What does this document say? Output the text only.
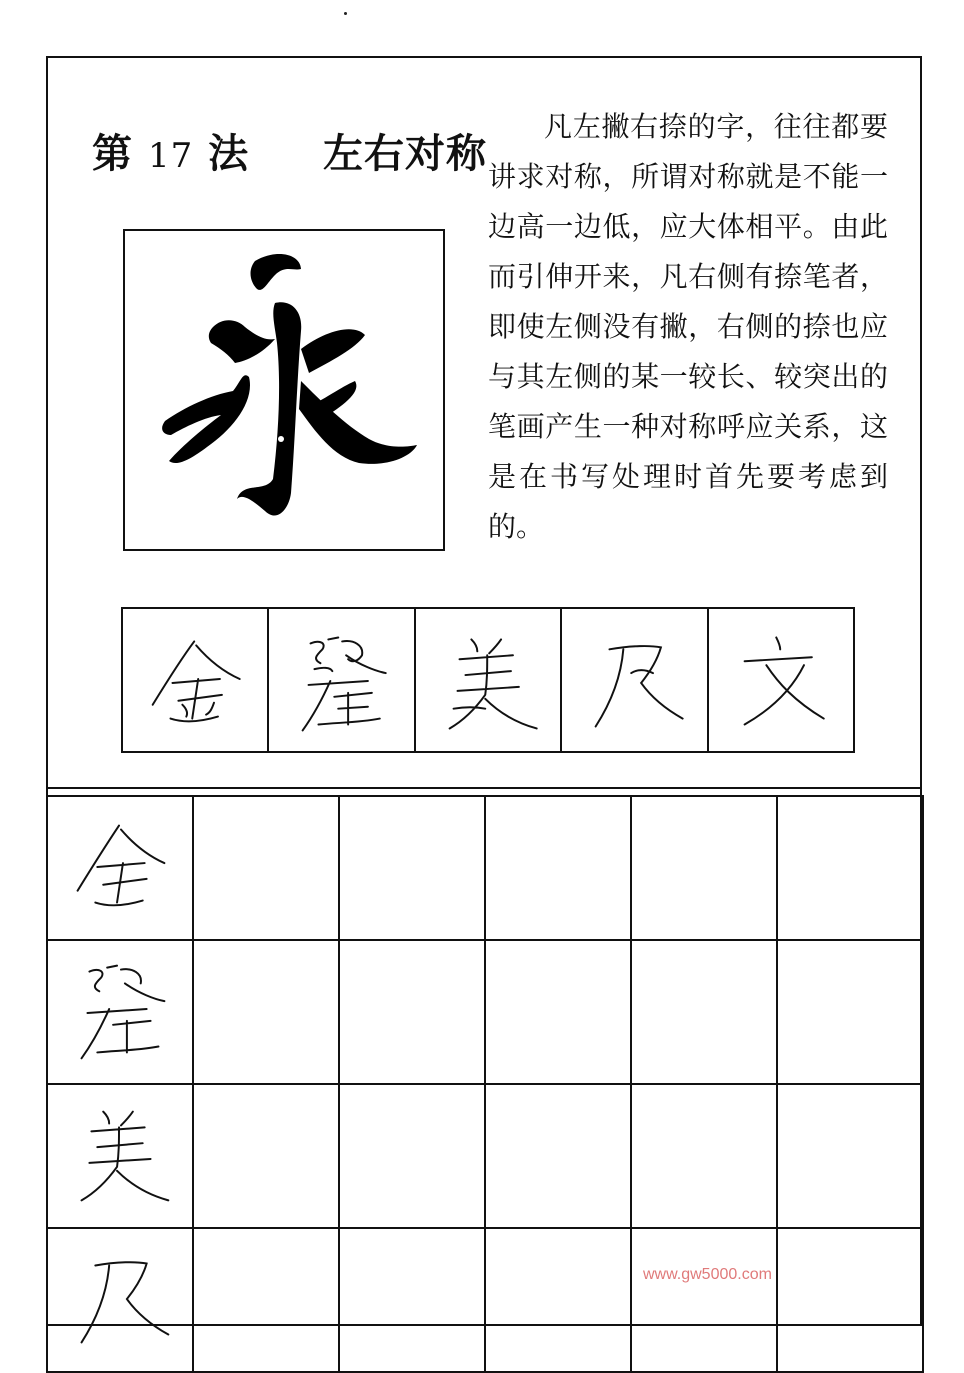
第 17 法 左右对称

凡左撇右捺的字，往往都要讲求对称，所谓对称就是不能一边高一边低，应大体相平。由此而引伸开来，凡右侧有捺笔者，即使左侧没有撇，右侧的捺也应与其左侧的某一较长、较突出的笔画产生一种对称呼应关系，这是在书写处理时首先要考虑到的。

www.gw5000.com
